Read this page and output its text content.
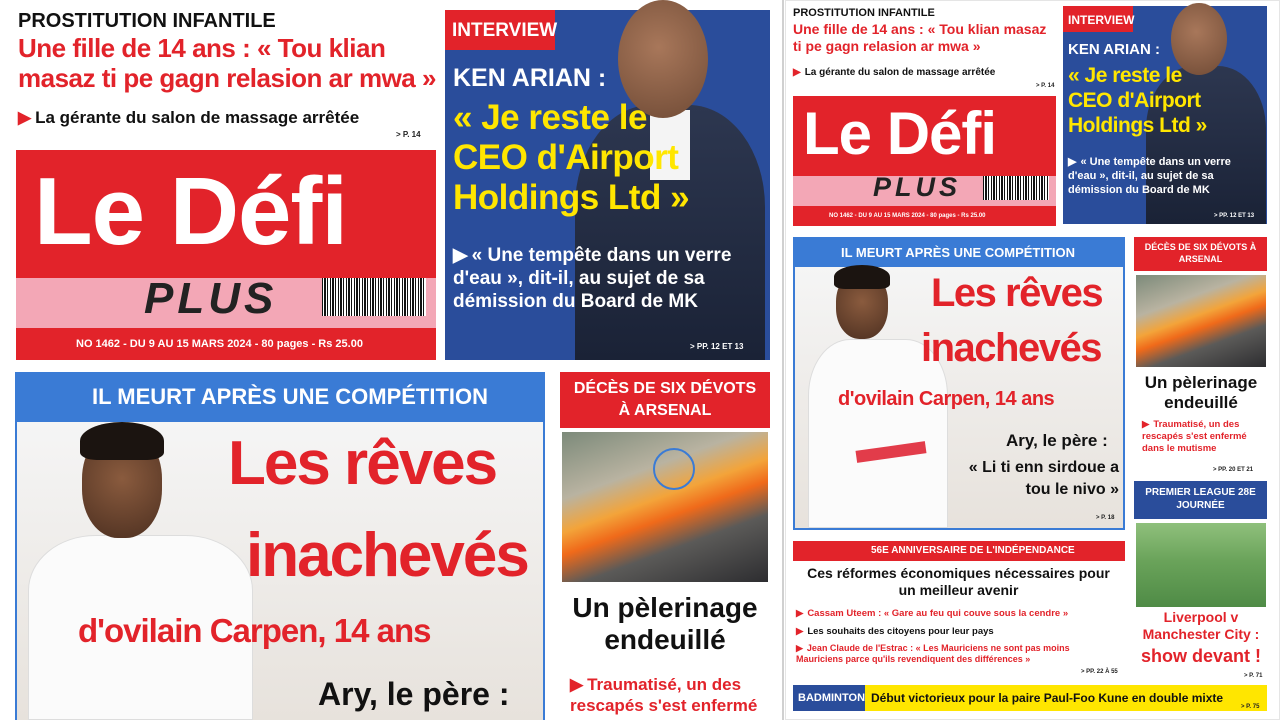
PROSTITUTION INFANTILE
Une fille de 14 ans : « Tou klian masaz ti pe gagn relasion ar mwa »
▶ La gérante du salon de massage arrêtée
> P. 14
Le Défi
PLUS
NO 1462 - DU 9 AU 15 MARS 2024 - 80 pages - Rs 25.00
INTERVIEW
KEN ARIAN :
« Je reste le CEO d'Airport Holdings Ltd »
▶ « Une tempête dans un verre d'eau », dit-il, au sujet de sa démission du Board de MK
> PP. 12 ET 13
IL MEURT APRÈS UNE COMPÉTITION
Les rêves
inachevés
d'ovilain Carpen, 14 ans
Ary, le père :
DÉCÈS DE SIX DÉVOTS À ARSENAL
Un pèlerinage endeuillé
▶ Traumatisé, un des rescapés s'est enfermé
PROSTITUTION INFANTILE
Une fille de 14 ans : « Tou klian masaz ti pe gagn relasion ar mwa »
▶ La gérante du salon de massage arrêtée
> P. 14
Le Défi
PLUS
NO 1462 - DU 9 AU 15 MARS 2024 - 80 pages - Rs 25.00
INTERVIEW
KEN ARIAN :
« Je reste le CEO d'Airport Holdings Ltd »
▶ « Une tempête dans un verre d'eau », dit-il, au sujet de sa démission du Board de MK
> PP. 12 ET 13
IL MEURT APRÈS UNE COMPÉTITION
Les rêves
inachevés
d'ovilain Carpen, 14 ans
Ary, le père :
« Li ti enn sirdoue a tou le nivo »
> P. 18
DÉCÈS DE SIX DÉVOTS À ARSENAL
Un pèlerinage endeuillé
▶ Traumatisé, un des rescapés s'est enfermé dans le mutisme
> PP. 20 ET 21
56E ANNIVERSAIRE DE L'INDÉPENDANCE
Ces réformes économiques nécessaires pour un meilleur avenir
▶ Cassam Uteem : « Gare au feu qui couve sous la cendre »
▶ Les souhaits des citoyens pour leur pays
▶ Jean Claude de l'Estrac : « Les Mauriciens ne sont pas moins Mauriciens parce qu'ils revendiquent des différences »
> PP. 22 À 55
PREMIER LEAGUE 28E JOURNÉE
Liverpool v Manchester City :
show devant !
> P. 71
BADMINTON Début victorieux pour la paire Paul-Foo Kune en double mixte
> P. 75
